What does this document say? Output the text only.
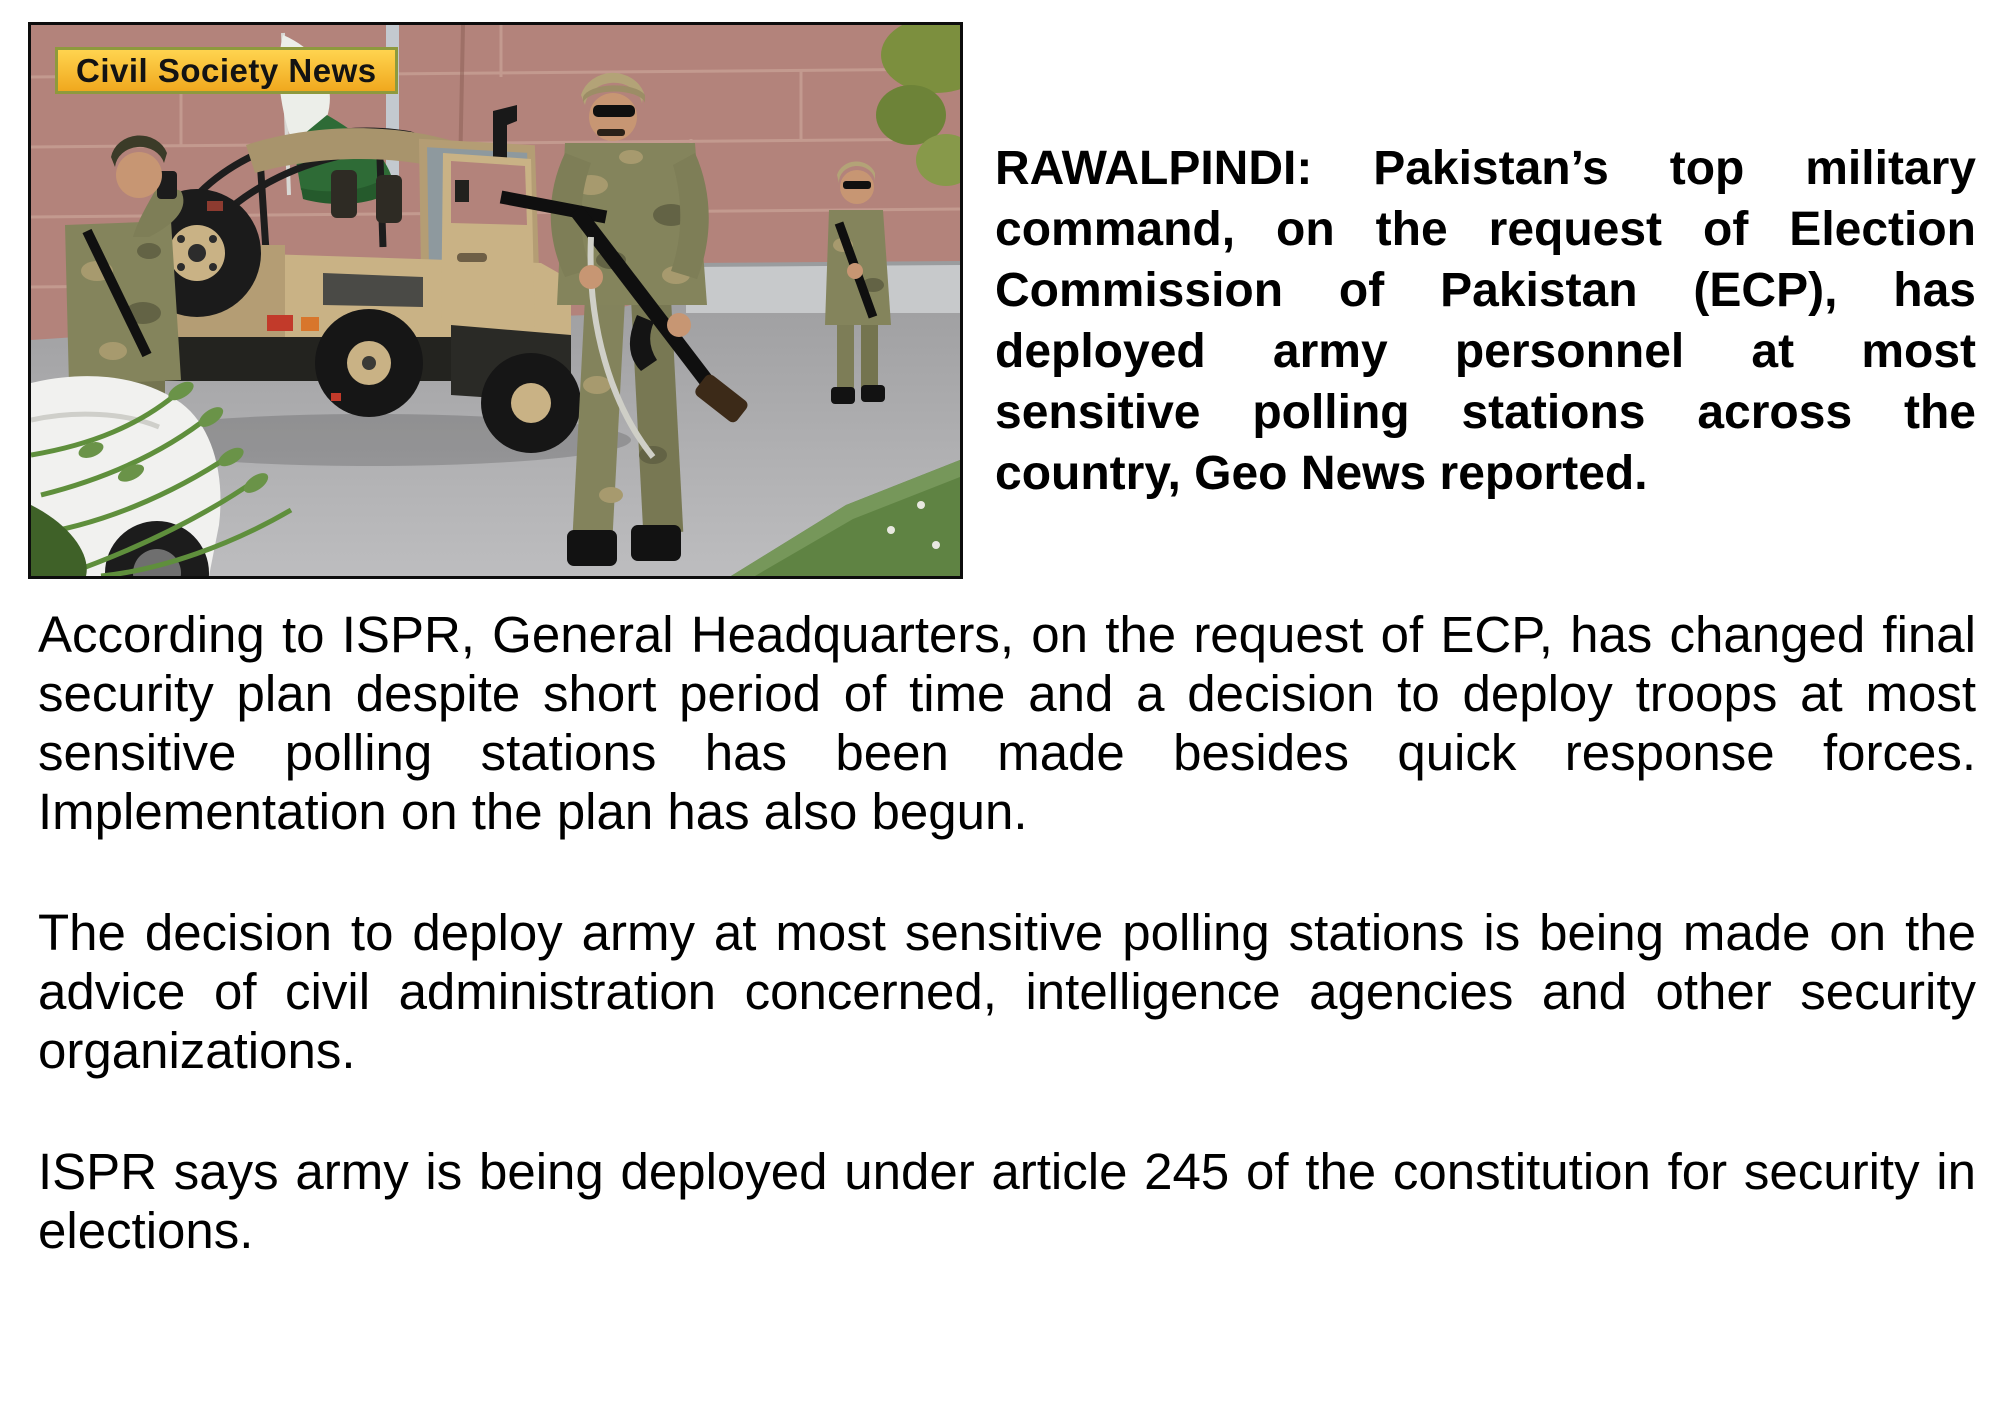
Civil Society News
RAWALPINDI: Pakistan’s top military command, on the request of Election Commission of Pakistan (ECP), has deployed army personnel at most sensitive polling stations across the country, Geo News reported.

According to ISPR, General Headquarters, on the request of ECP, has changed final security plan despite short period of time and a decision to deploy troops at most sensitive polling stations has been made besides quick response forces. Implementation on the plan has also begun.

The decision to deploy army at most sensitive polling stations is being made on the advice of civil administration concerned, intelligence agencies and other security organizations.

ISPR says army is being deployed under article 245 of the constitution for security in elections.
